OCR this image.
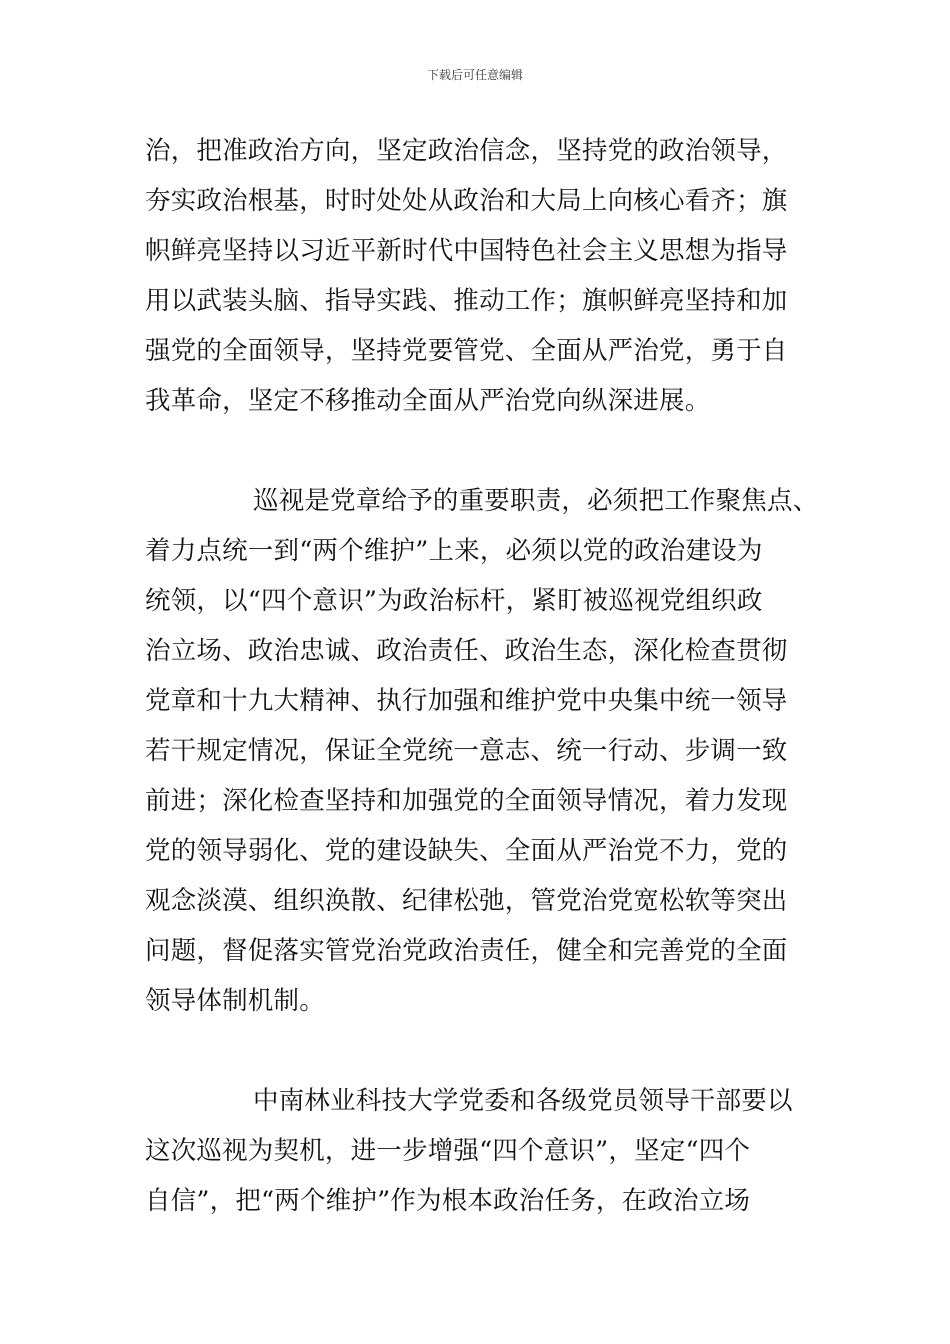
下载后可任意编辑
治，把准政治方向，坚定政治信念，坚持党的政治领导，
夯实政治根基，时时处处从政治和大局上向核心看齐；旗
帜鲜亮坚持以习近平新时代中国特色社会主义思想为指导
用以武装头脑、指导实践、推动工作；旗帜鲜亮坚持和加
强党的全面领导，坚持党要管党、全面从严治党，勇于自
我革命，坚定不移推动全面从严治党向纵深进展。
巡视是党章给予的重要职责，必须把工作聚焦点、
着力点统一到“两个维护”上来，必须以党的政治建设为
统领，以“四个意识”为政治标杆，紧盯被巡视党组织政
治立场、政治忠诚、政治责任、政治生态，深化检查贯彻
党章和十九大精神、执行加强和维护党中央集中统一领导
若干规定情况，保证全党统一意志、统一行动、步调一致
前进；深化检查坚持和加强党的全面领导情况，着力发现
党的领导弱化、党的建设缺失、全面从严治党不力，党的
观念淡漠、组织涣散、纪律松弛，管党治党宽松软等突出
问题，督促落实管党治党政治责任，健全和完善党的全面
领导体制机制。
中南林业科技大学党委和各级党员领导干部要以
这次巡视为契机，进一步增强“四个意识”，坚定“四个
自信”，把“两个维护”作为根本政治任务，在政治立场
